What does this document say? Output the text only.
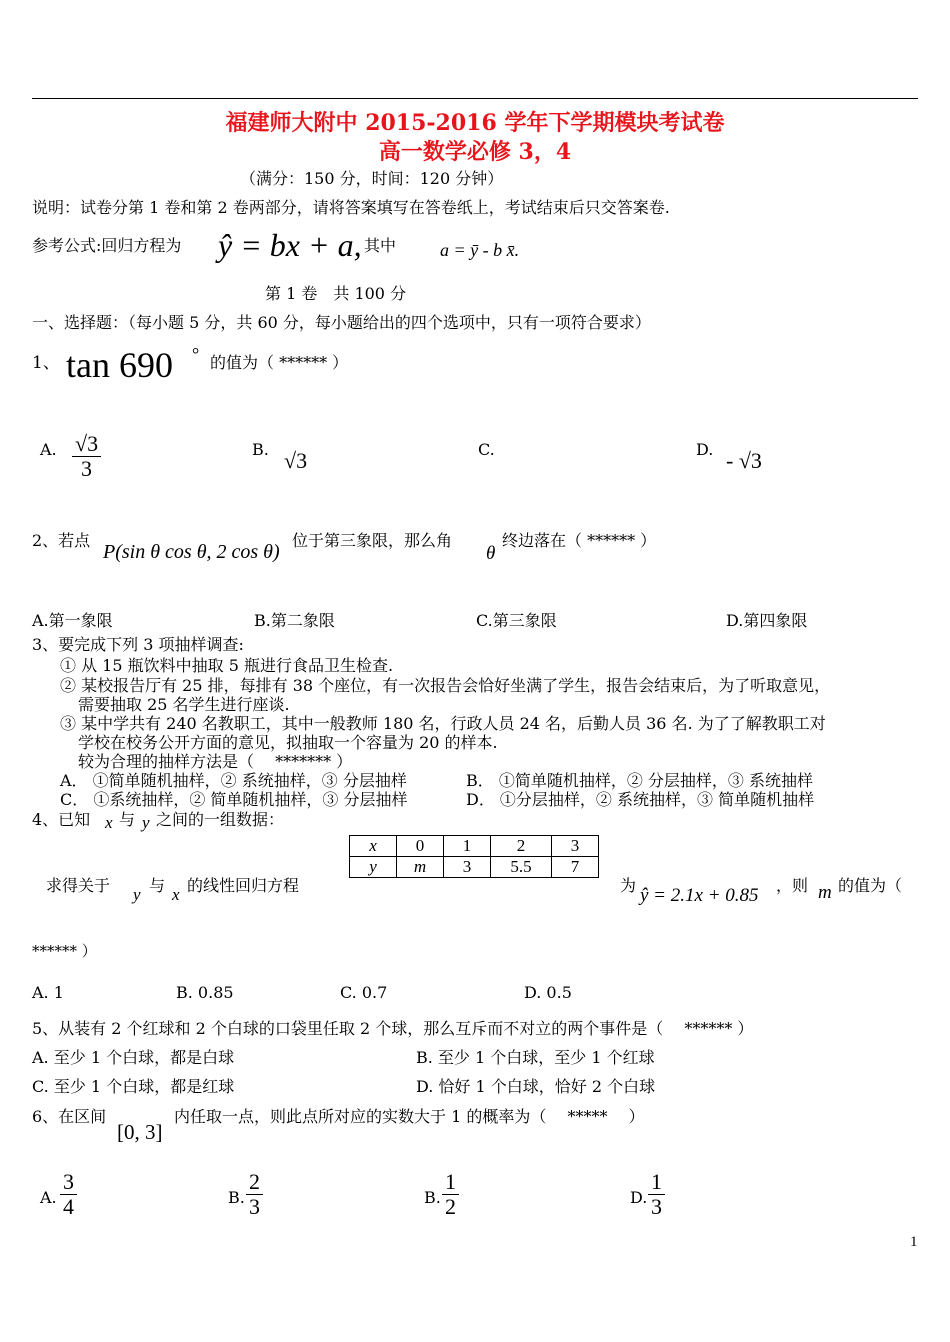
福建师大附中 2015-2016 学年下学期模块考试卷
高一数学必修 3，4
（满分：150 分，时间：120 分钟）
说明：试卷分第 1 卷和第 2 卷两部分，请将答案填写在答卷纸上，考试结束后只交答案卷.
参考公式:回归方程为 ŷ = bx + a, 其中 a = ȳ - b x̄.
第 1 卷　共 100 分
一、选择题：（每小题 5 分，共 60 分，每小题给出的四个选项中，只有一项符合要求）
1、 tan 690 ° 的值为（ ****** ）
A. $\frac{√3}{3}$	B. √3	C.	D. - √3
2、若点
P(sin θ cos θ, 2 cos θ)
位于第三象限，那么角
θ
终边落在（ ****** ）
A.第一象限	B.第二象限	C.第三象限	D.第四象限
3、要完成下列 3 项抽样调查:
① 从 15 瓶饮料中抽取 5 瓶进行食品卫生检查.
② 某校报告厅有 25 排，每排有 38 个座位，有一次报告会恰好坐满了学生，报告会结束后，为了听取意见，
需要抽取 25 名学生进行座谈.
③ 某中学共有 240 名教职工，其中一般教师 180 名，行政人员 24 名，后勤人员 36 名. 为了了解教职工对
学校在校务公开方面的意见，拟抽取一个容量为 20 的样本.
较为合理的抽样方法是（　 ******* ）
A． ①简单随机抽样，② 系统抽样，③ 分层抽样	B． ①简单随机抽样，② 分层抽样，③ 系统抽样
C． ①系统抽样，② 简单随机抽样，③ 分层抽样	D． ①分层抽样，② 系统抽样，③ 简单随机抽样
4、已知 x 与 y 之间的一组数据：
x	0	1	2	3
y	m	3	5.5	7
求得关于 y 与 x 的线性回归方程	为 ŷ = 2.1x + 0.85 ，则 m 的值为（
****** ）
A. 1	B. 0.85	C. 0.7	D. 0.5
5、从装有 2 个红球和 2 个白球的口袋里任取 2 个球，那么互斥而不对立的两个事件是（　 ****** ）
A. 至少 1 个白球，都是白球	B. 至少 1 个白球，至少 1 个红球
C. 至少 1 个白球，都是红球	D. 恰好 1 个白球，恰好 2 个白球
6、在区间
[0, 3]
内任取一点，则此点所对应的实数大于 1 的概率为（　 *****　 ）
A. $\frac{3}{4}$	B. $\frac{2}{3}$	B. $\frac{1}{2}$	D. $\frac{1}{3}$
1
